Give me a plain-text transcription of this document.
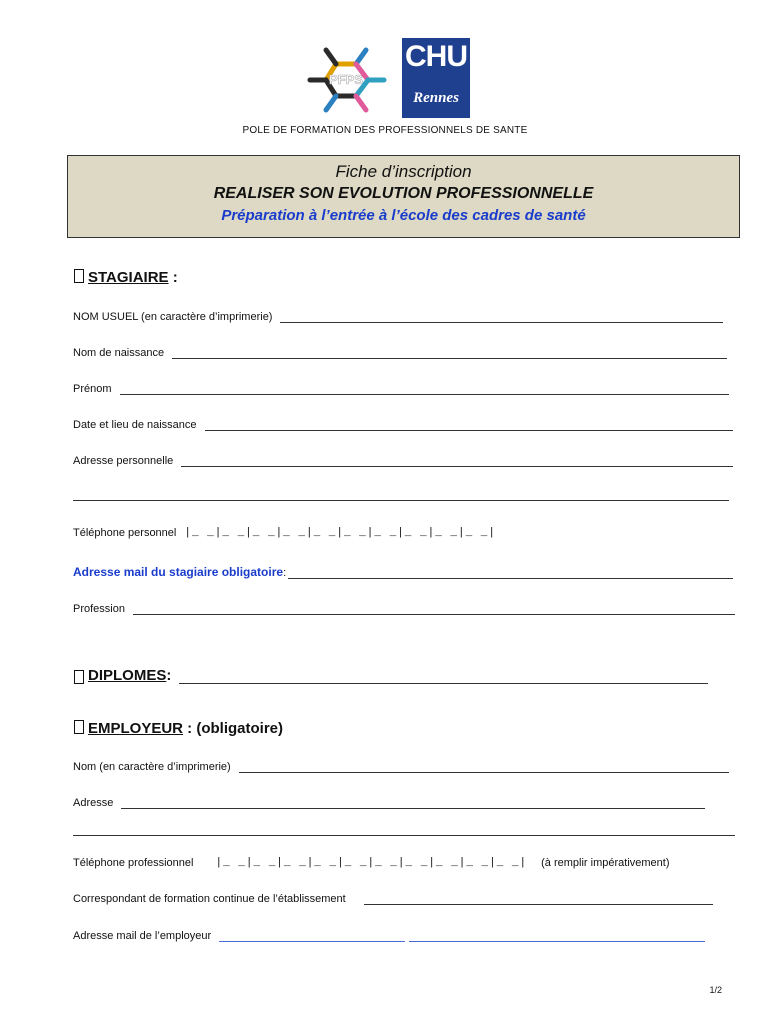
PFPS
CHU
Rennes
POLE DE FORMATION DES PROFESSIONNELS DE SANTE
Fiche d’inscription
REALISER SON EVOLUTION PROFESSIONNELLE
Préparation à l’entrée à l’école des cadres de santé
STAGIAIRE :
NOM USUEL (en caractère d’imprimerie)
Nom de naissance
Prénom
Date et lieu de naissance
Adresse personnelle
Téléphone personnel |_ _|_ _|_ _|_ _|_ _|_ _|_ _|_ _|_ _|_ _|
Adresse mail du stagiaire obligatoire :
Profession
DIPLOMES :
EMPLOYEUR : (obligatoire)
Nom (en caractère d’imprimerie)
Adresse
Téléphone professionnel |_ _|_ _|_ _|_ _|_ _|_ _|_ _|_ _|_ _|_ _| (à remplir impérativement)
Correspondant de formation continue de l’établissement
Adresse mail de l’employeur
1/2
